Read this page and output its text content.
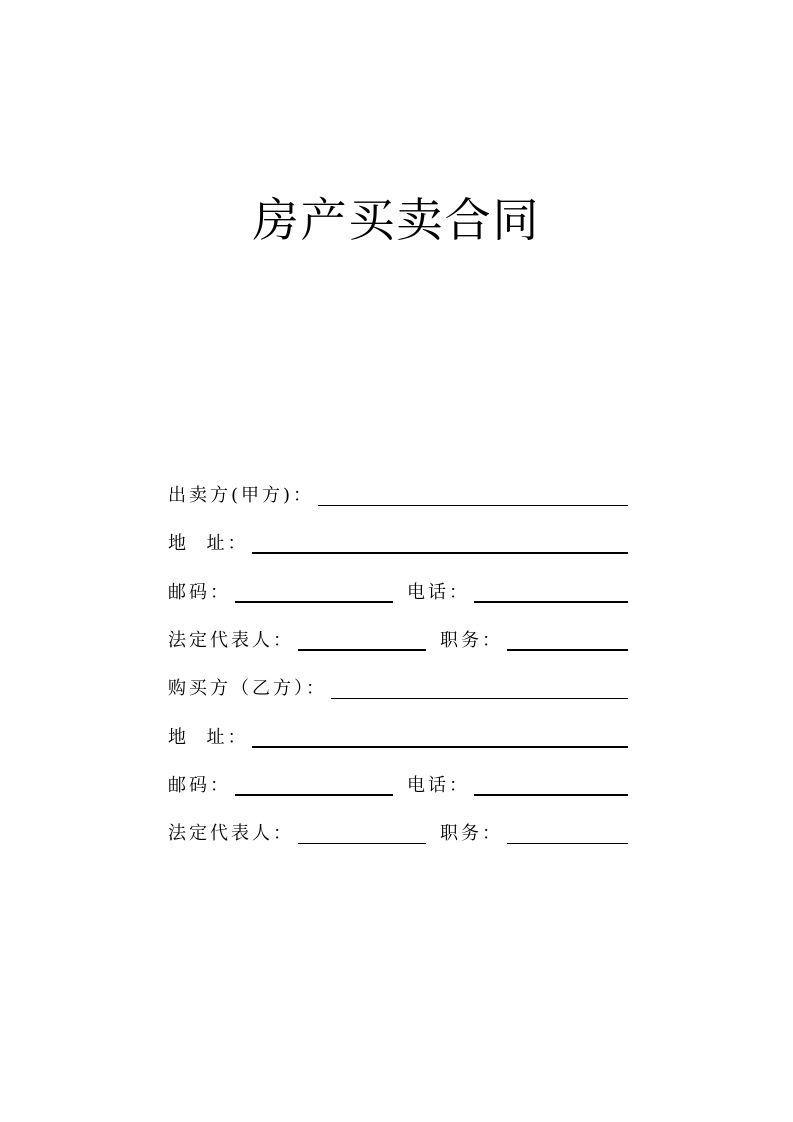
房产买卖合同
出卖方(甲方)：
地  址：
邮码：	电话：
法定代表人：	职务：
购买方（乙方）：
地  址：
邮码：	电话：
法定代表人：	职务：
